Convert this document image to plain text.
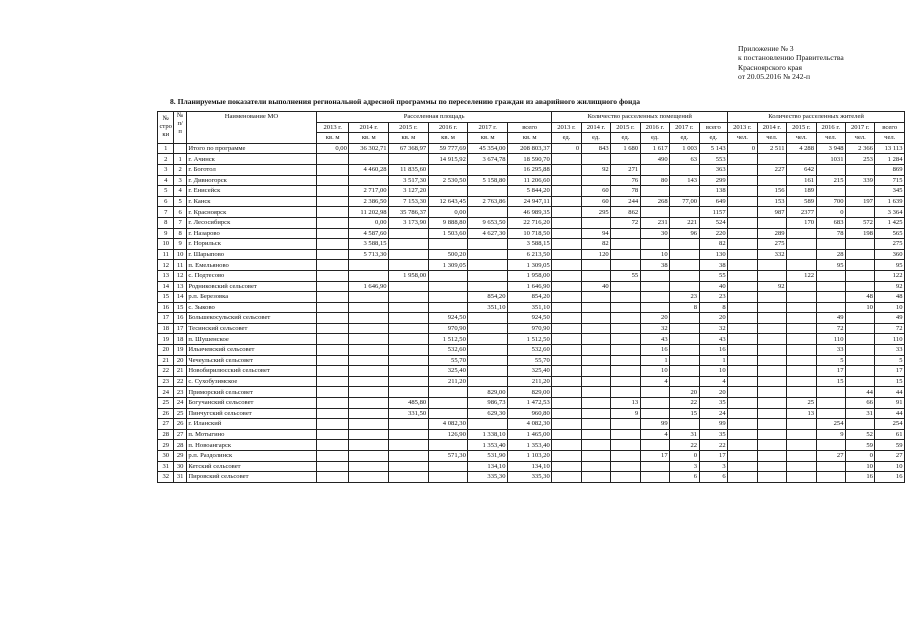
Приложение № 3
к постановлению Правительства
Красноярского края
от 20.05.2016 № 242-п
8. Планируемые показатели выполнения региональной адресной программы по переселению граждан из аварийного жилищного фонда
№ стро ки	№ п/п	Наименование МО	Расселенная площадь						Количество расселенных помещений						Количество расселенных жителей					
			2013 г.	2014 г.	2015 г.	2016 г.	2017 г.	всего	2013 г.	2014 г.	2015 г.	2016 г.	2017 г.	всего	2013 г.	2014 г.	2015 г.	2016 г.	2017 г.	всего
			кв. м	кв. м	кв. м	кв. м	кв. м	кв. м	ед.	ед.	ед.	ед.	ед.	ед.	чел.	чел.	чел.	чел.	чел.	чел.
1		Итого по программе	0,00	36 302,71	67 368,97	59 777,69	45 354,00	208 803,37	0	843	1 680	1 617	1 003	5 143	0	2 511	4 288	3 948	2 366	13 113
2	1	г. Ачинск				14 915,92	3 674,78	18 590,70				490	63	553				1031	253	1 284
3	2	г. Боготол		4 460,28	11 835,60			16 295,88		92	271			363		227	642			869
4	3	г. Дивногорск			3 517,30	2 530,50	5 158,80	11 206,60			76	80	143	299			161	215	339	715
5	4	г. Енисейск		2 717,00	3 127,20			5 844,20		60	78			138		156	189			345
6	5	г. Канск		2 386,50	7 153,30	12 643,45	2 763,86	24 947,11		60	244	268	77,00	649		153	589	700	197	1 639
7	6	г. Красноярск		11 202,98	35 786,37	0,00		46 989,35		295	862			1157		987	2377	0		3 364
8	7	г. Лесосибирск		0,00	3 173,90	9 888,80	9 653,50	22 716,20			72	231	221	524			170	683	572	1 425
9	8	г. Назарово		4 587,60		1 503,60	4 627,30	10 718,50		94		30	96	220		289		78	198	565
10	9	г. Норильск		3 588,15				3 588,15		82				82		275				275
11	10	г. Шарыпово		5 713,30		500,20		6 213,50		120		10		130		332		28		360
12	11	п. Емельяново				1 309,05		1 309,05				38		38				95		95
13	12	с. Подтесово			1 958,00			1 958,00			55			55			122			122
14	13	Родниковский сельсовет		1 646,90				1 646,90		40				40		92				92
15	14	р.п. Березовка					854,20	854,20					23	23					48	48
16	15	с. Зыково					351,10	351,10					8	8					10	10
17	16	Большекосульский сельсовет				924,50		924,50				20		20				49		49
18	17	Тесинский сельсовет				970,90		970,90				32		32				72		72
19	18	п. Шушенское				1 512,50		1 512,50				43		43				110		110
20	19	Ильичевский сельсовет				532,60		532,60				16		16				33		33
21	20	Чечеульский сельсовет				55,70		55,70				1		1				5		5
22	21	Новобирилюсский сельсовет				325,40		325,40				10		10				17		17
23	22	с. Сухобузимское				211,20		211,20				4		4				15		15
24	23	Приморский сельсовет					829,00	829,00					20	20					44	44
25	24	Богучанский сельсовет			485,80		986,73	1 472,53			13		22	35			25		66	91
26	25	Пинчугский сельсовет			331,50		629,30	960,80			9		15	24			13		31	44
27	26	г. Иланский				4 082,30		4 082,30				99		99				254		254
28	27	п. Мотыгино				126,90	1 338,10	1 465,00				4	31	35				9	52	61
29	28	п. Новоангарск					1 353,40	1 353,40					22	22					59	59
30	29	р.п. Раздолинск				571,30	531,90	1 103,20				17	0	17				27	0	27
31	30	Кетский сельсовет					134,10	134,10					3	3					10	10
32	31	Пировский сельсовет					335,30	335,30					6	6					16	16
